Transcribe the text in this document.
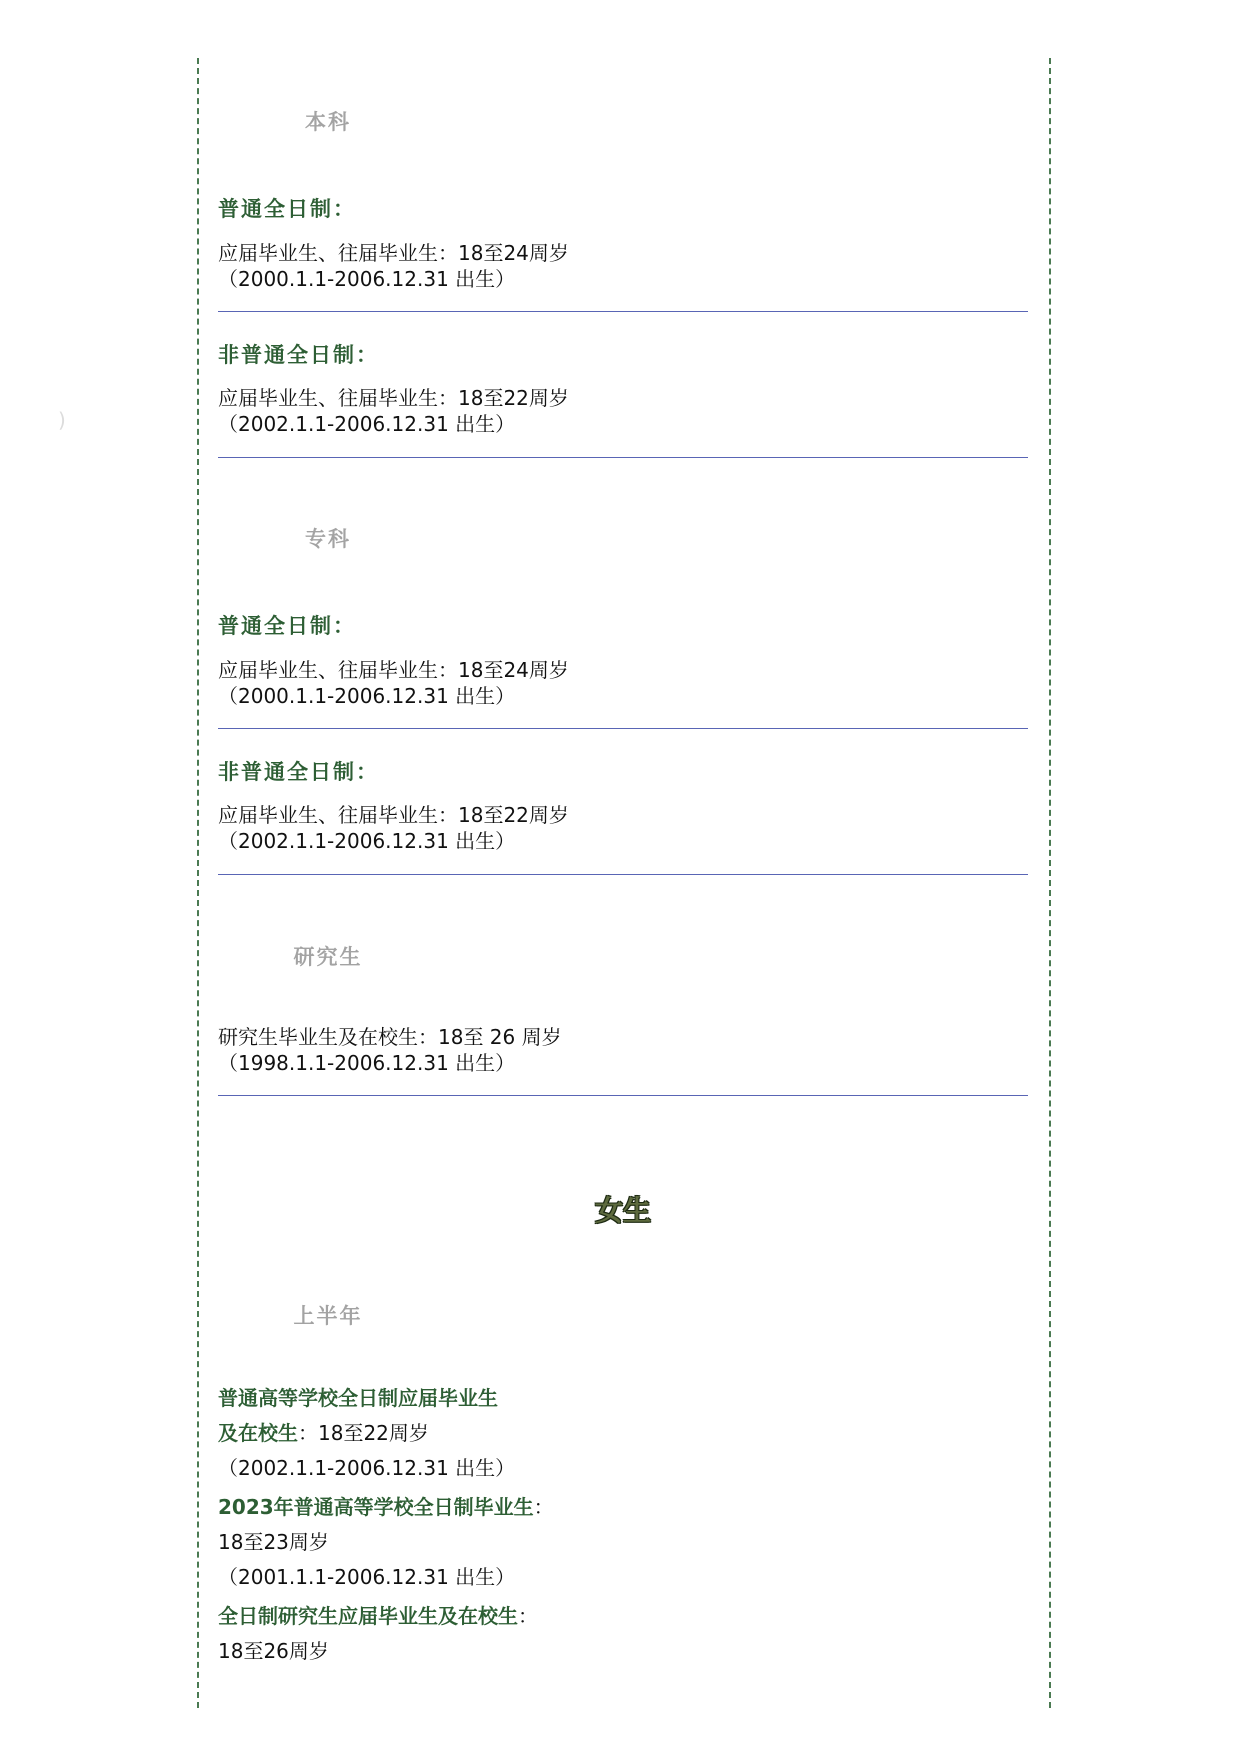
)
本科
普通全日制：
应届毕业生、往届毕业生：18至24周岁
（2000.1.1-2006.12.31 出生）
非普通全日制：
应届毕业生、往届毕业生：18至22周岁
（2002.1.1-2006.12.31 出生）
专科
普通全日制：
应届毕业生、往届毕业生：18至24周岁
（2000.1.1-2006.12.31 出生）
非普通全日制：
应届毕业生、往届毕业生：18至22周岁
（2002.1.1-2006.12.31 出生）
研究生
研究生毕业生及在校生：18至 26 周岁
（1998.1.1-2006.12.31 出生）
女生
上半年
普通高等学校全日制应届毕业生
及在校生：18至22周岁
（2002.1.1-2006.12.31 出生）
2023年普通高等学校全日制毕业生：
18至23周岁
（2001.1.1-2006.12.31 出生）
全日制研究生应届毕业生及在校生：
18至26周岁
